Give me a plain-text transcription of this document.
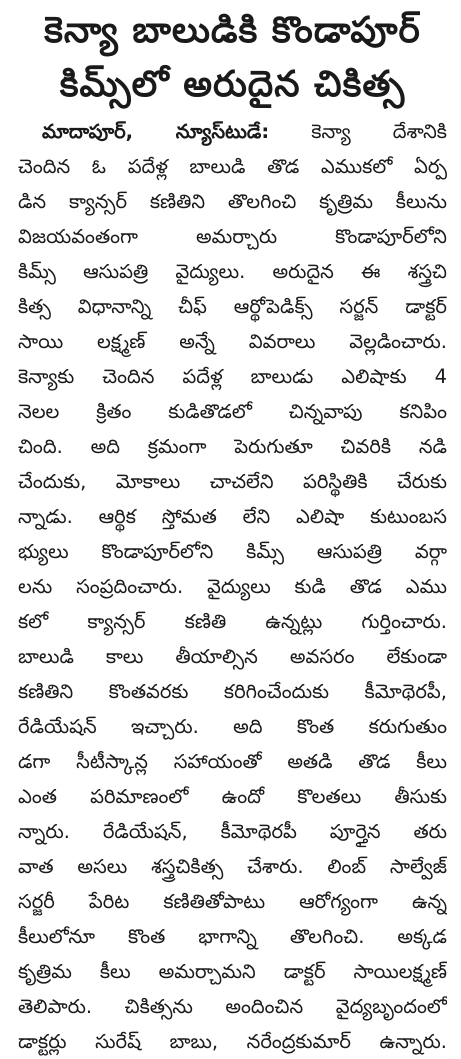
కెన్యా బాలుడికి కొండాపూర్‌
కిమ్స్‌లో అరుదైన చికిత్స
మాదాపూర్‌, న్యూస్‌టుడే: కెన్యా దేశానికి
చెందిన ఓ పదేళ్ల బాలుడి తొడ ఎముకలో ఏర్ప
డిన క్యాన్సర్‌ కణితిని తొలగించి కృత్రిమ కీలును
విజయవంతంగా అమర్చారు కొండాపూర్‌లోని
కిమ్స్‌ ఆసుపత్రి వైద్యులు. అరుదైన ఈ శస్త్రచి
కిత్స విధానాన్ని చీఫ్‌ ఆర్థోపెడిక్స్‌ సర్జన్‌ డాక్టర్‌
సాయి లక్ష్మణ్‌ అన్నే వివరాలు వెల్లడించారు.
కెన్యాకు చెందిన పదేళ్ల బాలుడు ఎలిషాకు 4
నెలల క్రితం కుడితొడలో చిన్నవాపు కనిపిం
చింది. అది క్రమంగా పెరుగుతూ చివరికి నడి
చేందుకు, మోకాలు చాచలేని పరిస్థితికి చేరుకు
న్నాడు. ఆర్థిక స్తోమత లేని ఎలిషా కుటుంబస
భ్యులు కొండాపూర్‌లోని కిమ్స్‌ ఆసుపత్రి వర్గా
లను సంప్రదించారు. వైద్యులు కుడి తొడ ఎము
కలో క్యాన్సర్‌ కణితి ఉన్నట్లు గుర్తించారు.
బాలుడి కాలు తీయాల్సిన అవసరం లేకుండా
కణితిని కొంతవరకు కరిగించేందుకు కీమోథెరపీ,
రేడియేషన్‌ ఇచ్చారు. అది కొంత కరుగుతుం
డగా సీటీస్కాన్ల సహాయంతో అతడి తొడ కీలు
ఎంత పరిమాణంలో ఉందో కొలతలు తీసుకు
న్నారు. రేడియేషన్‌, కీమోథెరపీ పూర్తైన తరు
వాత అసలు శస్త్రచికిత్స చేశారు. లింబ్‌ సాల్వేజ్‌
సర్జరీ పేరిట కణితితోపాటు ఆరోగ్యంగా ఉన్న
కీలులోనూ కొంత భాగాన్ని తొలగించి. అక్కడ
కృత్రిమ కీలు అమర్చామని డాక్టర్‌ సాయిలక్ష్మణ్‌
తెలిపారు. చికిత్సను అందించిన వైద్యబృందంలో
డాక్టర్లు సురేష్‌ బాబు, నరేంద్రకుమార్‌ ఉన్నారు.
